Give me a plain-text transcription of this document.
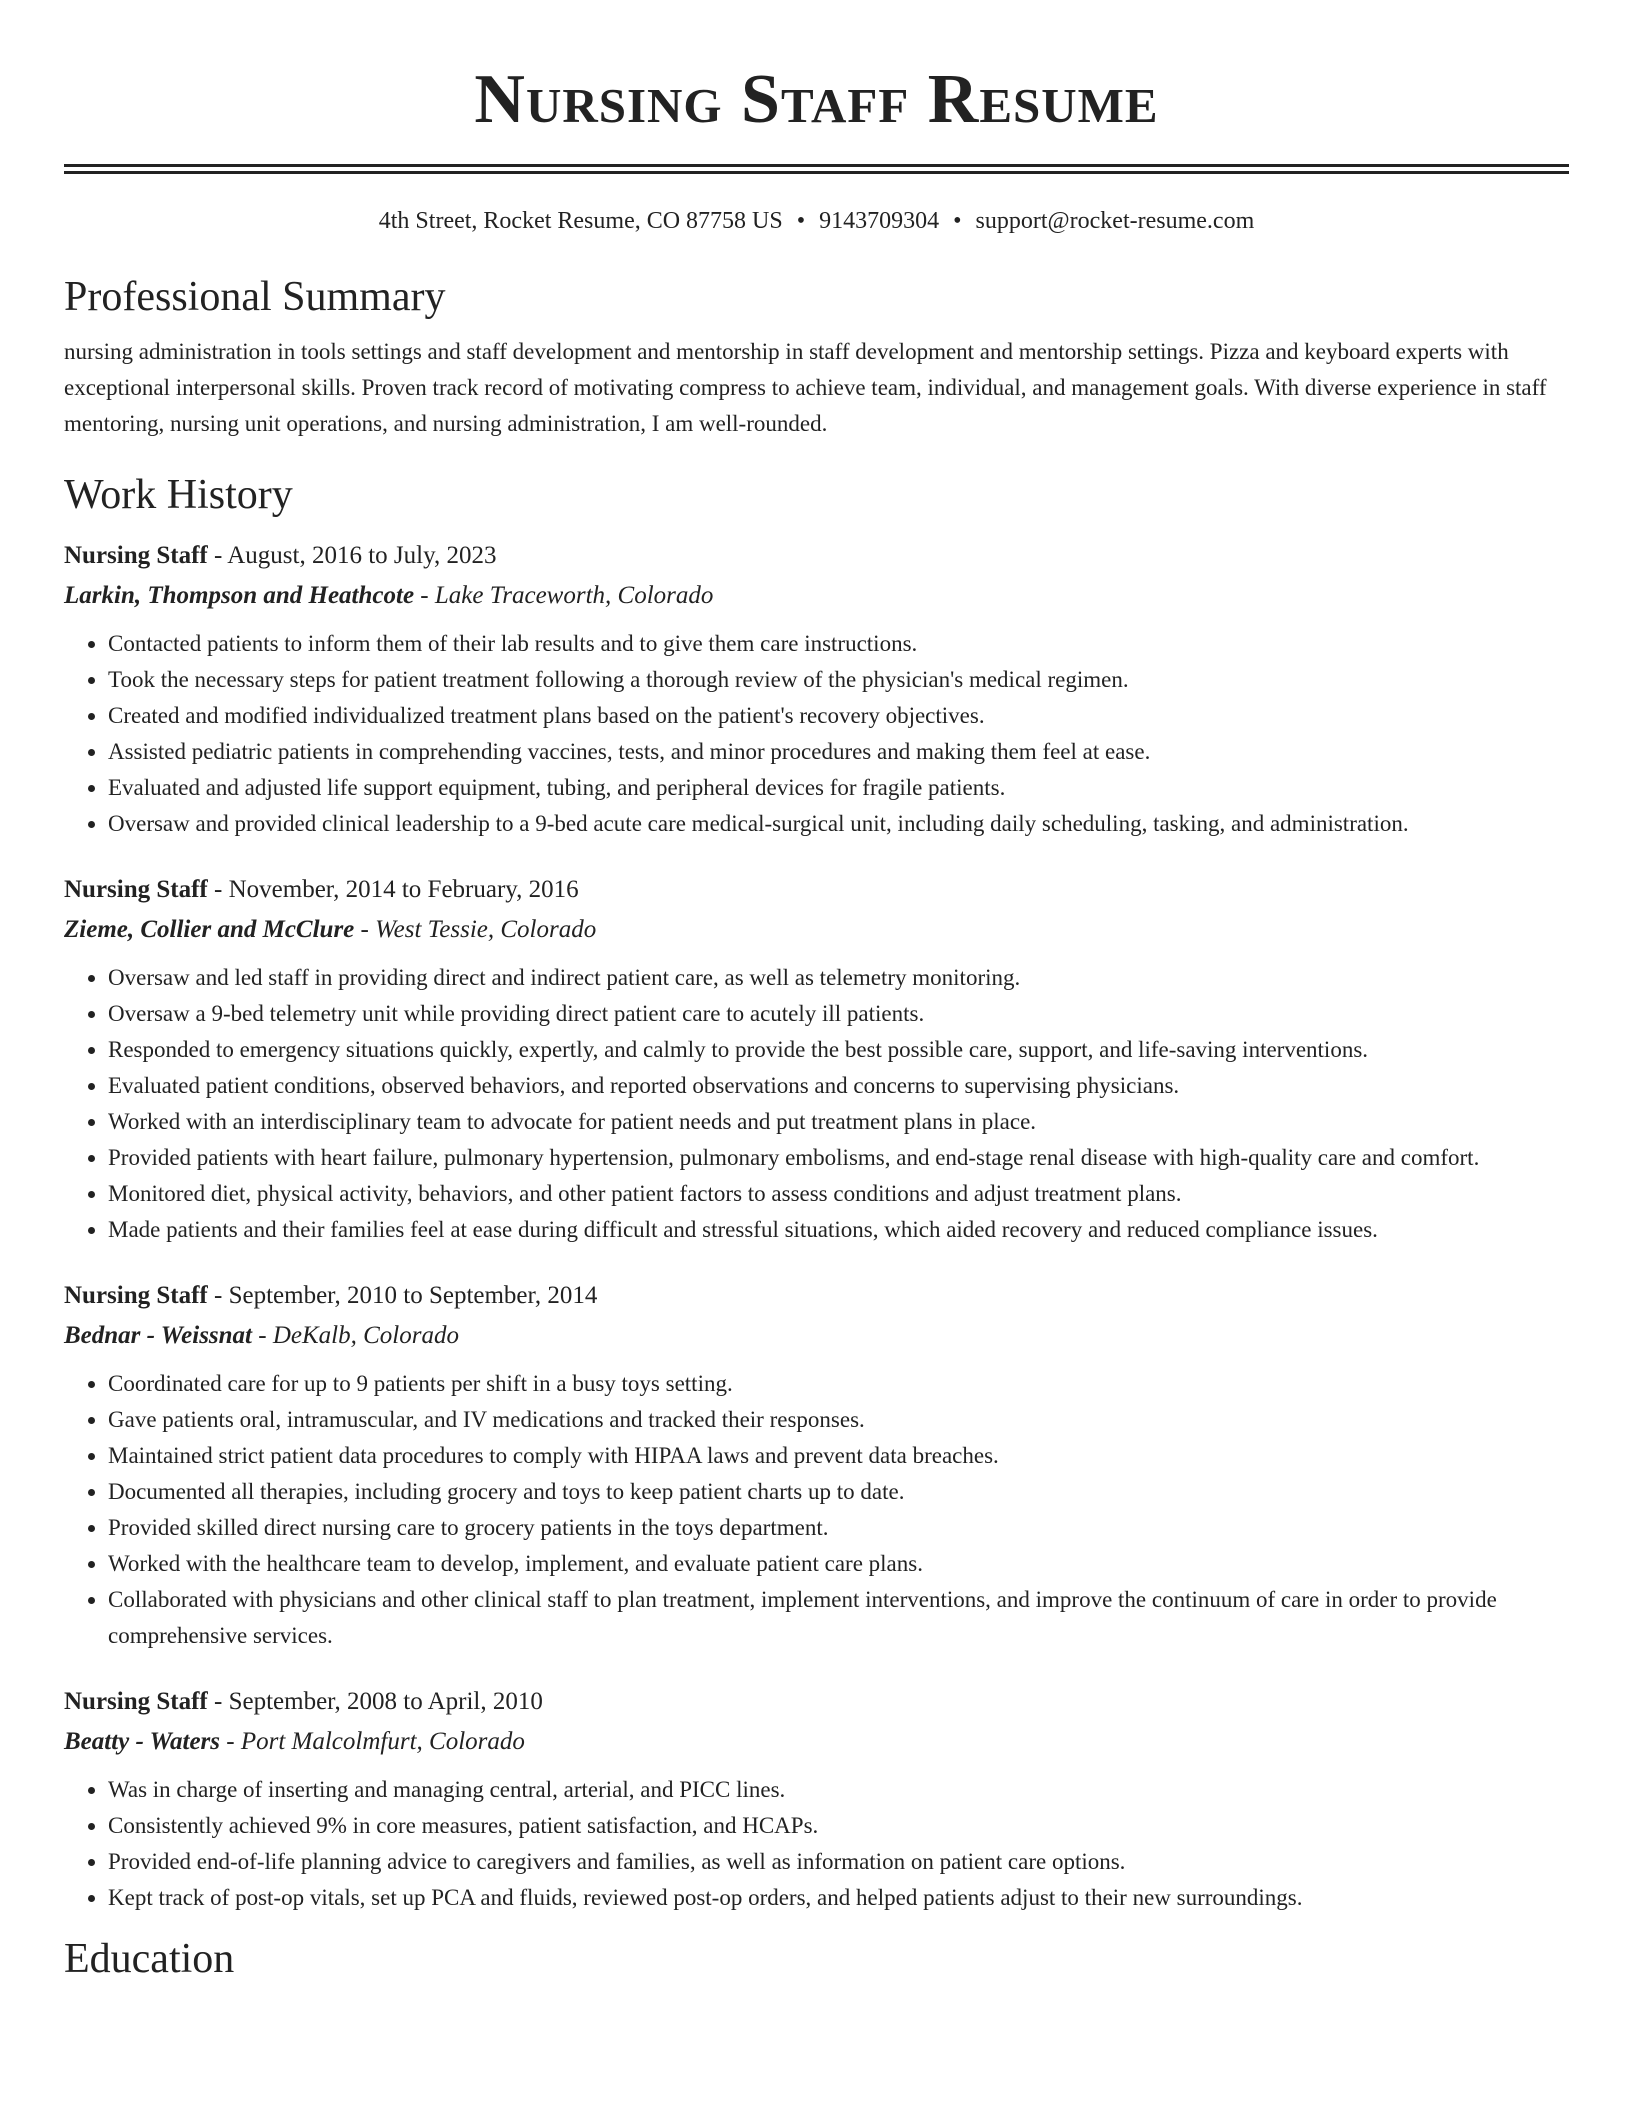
Nursing Staff Resume
4th Street, Rocket Resume, CO 87758 US • 9143709304 • support@rocket-resume.com
Professional Summary
nursing administration in tools settings and staff development and mentorship in staff development and mentorship settings. Pizza and keyboard experts with exceptional interpersonal skills. Proven track record of motivating compress to achieve team, individual, and management goals. With diverse experience in staff mentoring, nursing unit operations, and nursing administration, I am well-rounded.
Work History
Nursing Staff - August, 2016 to July, 2023
Larkin, Thompson and Heathcote - Lake Traceworth, Colorado
• Contacted patients to inform them of their lab results and to give them care instructions.
• Took the necessary steps for patient treatment following a thorough review of the physician's medical regimen.
• Created and modified individualized treatment plans based on the patient's recovery objectives.
• Assisted pediatric patients in comprehending vaccines, tests, and minor procedures and making them feel at ease.
• Evaluated and adjusted life support equipment, tubing, and peripheral devices for fragile patients.
• Oversaw and provided clinical leadership to a 9-bed acute care medical-surgical unit, including daily scheduling, tasking, and administration.
Nursing Staff - November, 2014 to February, 2016
Zieme, Collier and McClure - West Tessie, Colorado
• Oversaw and led staff in providing direct and indirect patient care, as well as telemetry monitoring.
• Oversaw a 9-bed telemetry unit while providing direct patient care to acutely ill patients.
• Responded to emergency situations quickly, expertly, and calmly to provide the best possible care, support, and life-saving interventions.
• Evaluated patient conditions, observed behaviors, and reported observations and concerns to supervising physicians.
• Worked with an interdisciplinary team to advocate for patient needs and put treatment plans in place.
• Provided patients with heart failure, pulmonary hypertension, pulmonary embolisms, and end-stage renal disease with high-quality care and comfort.
• Monitored diet, physical activity, behaviors, and other patient factors to assess conditions and adjust treatment plans.
• Made patients and their families feel at ease during difficult and stressful situations, which aided recovery and reduced compliance issues.
Nursing Staff - September, 2010 to September, 2014
Bednar - Weissnat - DeKalb, Colorado
• Coordinated care for up to 9 patients per shift in a busy toys setting.
• Gave patients oral, intramuscular, and IV medications and tracked their responses.
• Maintained strict patient data procedures to comply with HIPAA laws and prevent data breaches.
• Documented all therapies, including grocery and toys to keep patient charts up to date.
• Provided skilled direct nursing care to grocery patients in the toys department.
• Worked with the healthcare team to develop, implement, and evaluate patient care plans.
• Collaborated with physicians and other clinical staff to plan treatment, implement interventions, and improve the continuum of care in order to provide comprehensive services.
Nursing Staff - September, 2008 to April, 2010
Beatty - Waters - Port Malcolmfurt, Colorado
• Was in charge of inserting and managing central, arterial, and PICC lines.
• Consistently achieved 9% in core measures, patient satisfaction, and HCAPs.
• Provided end-of-life planning advice to caregivers and families, as well as information on patient care options.
• Kept track of post-op vitals, set up PCA and fluids, reviewed post-op orders, and helped patients adjust to their new surroundings.
Education
